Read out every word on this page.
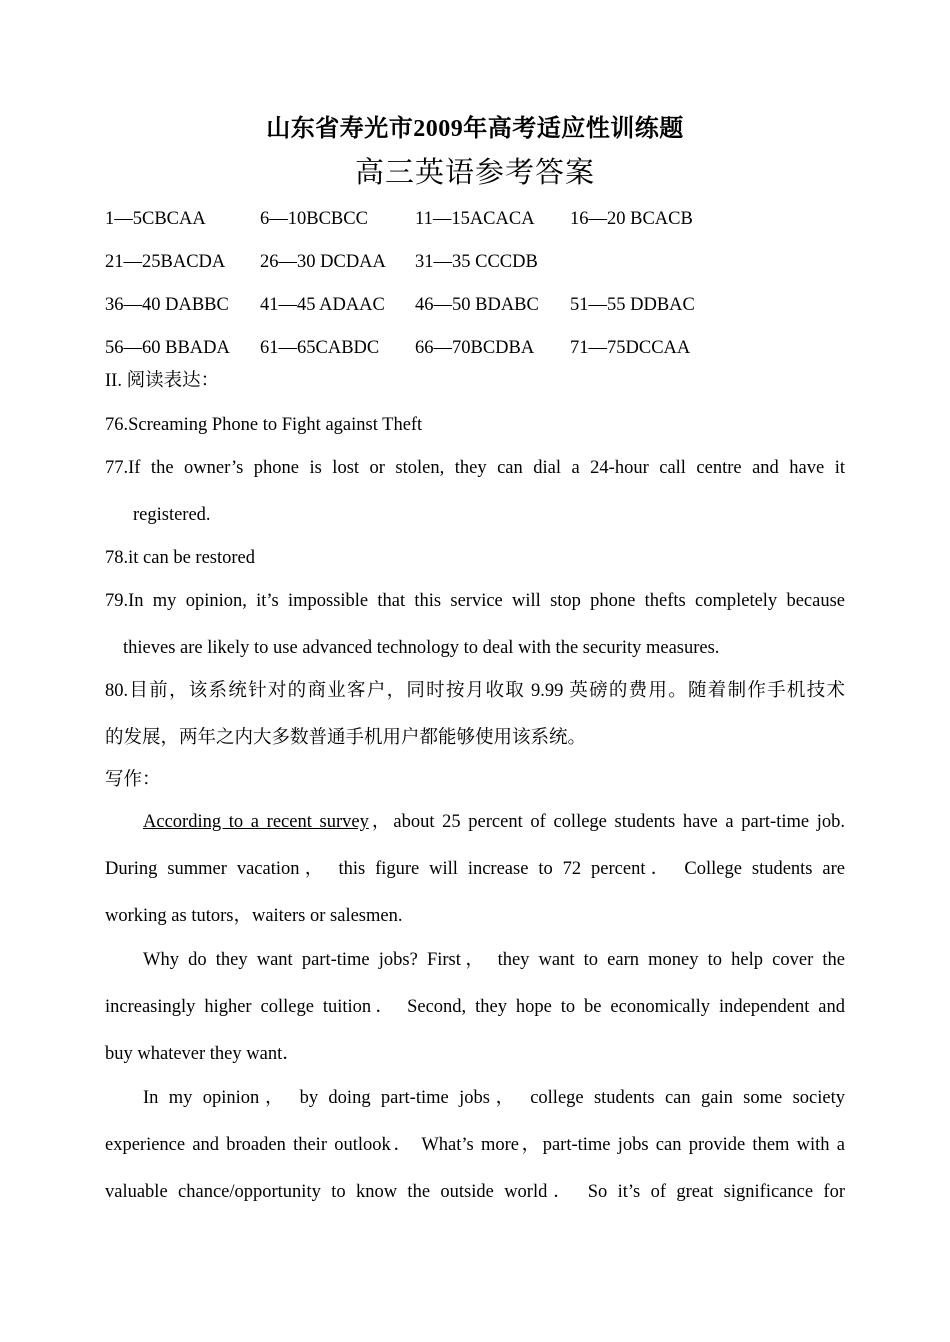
山东省寿光市2009年高考适应性训练题
高三英语参考答案
1—5CBCAA	6—10BCBCC	11—15ACACA	16—20 BCACB
21—25BACDA	26—30 DCDAA	31—35 CCCDB
36—40 DABBC	41—45 ADAAC	46—50 BDABC	51—55 DDBAC
56—60 BBADA	61—65CABDC	66—70BCDBA	71—75DCCAA
II. 阅读表达：
76.Screaming Phone to Fight against Theft
77.If the owner’s phone is lost or stolen, they can dial a 24-hour call centre and have it
registered.
78.it can be restored
79.In my opinion, it’s impossible that this service will stop phone thefts completely because
thieves are likely to use advanced technology to deal with the security measures.
80.目前，该系统针对的商业客户，同时按月收取 9.99 英磅的费用。随着制作手机技术
的发展，两年之内大多数普通手机用户都能够使用该系统。
写作：
According to a recent survey，about 25 percent of college students have a part-time job.
During summer vacation， this figure will increase to 72 percent． College students are
working as tutors，waiters or salesmen.
Why do they want part-time jobs? First， they want to earn money to help cover the
increasingly higher college tuition． Second, they hope to be economically independent and
buy whatever they want．
In my opinion， by doing part-time jobs， college students can gain some society
experience and broaden their outlook． What’s more，part-time jobs can provide them with a
valuable chance/opportunity to know the outside world． So it’s of great significance for
